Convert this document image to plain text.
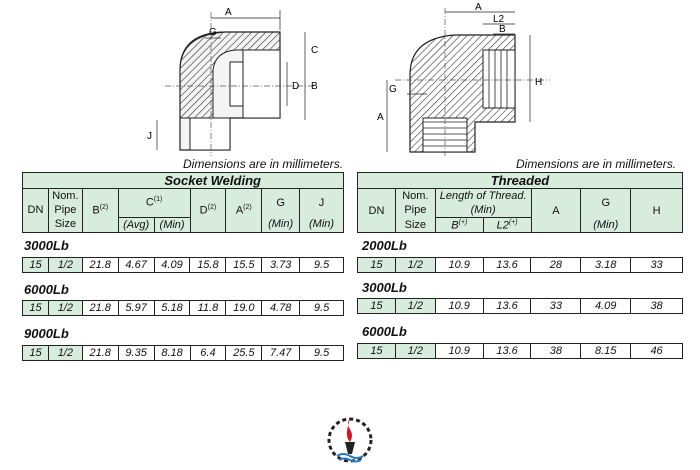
A
G
C
B
D
J
A
L2
B
G
H
A
Dimensions are in millimeters.	Dimensions are in millimeters.
		Socket Welding						
DN	Nom.	$B^{(2)}$	$C^{(1)}$		$D^{(2)}$	$A^{(2)}$	G	J
	Pipe							
	Size		(Avg)	(Min)			(Min)	(Min)
Threaded						
DN	Nom.	Length of Thread.		A	G	H
	Pipe	(Min)				
	Size	B(+)	L2(+)		(Min)	
3000Lb
15	1/2	21.8	4.67	4.09	15.8	15.5	3.73	9.5
6000Lb
15	1/2	21.8	5.97	5.18	11.8	19.0	4.78	9.5
9000Lb
15	1/2	21.8	9.35	8.18	6.4	25.5	7.47	9.5
2000Lb
15	1/2	10.9	13.6	28	3.18	33
3000Lb
15	1/2	10.9	13.6	33	4.09	38
6000Lb
15	1/2	10.9	13.6	38	8.15	46
